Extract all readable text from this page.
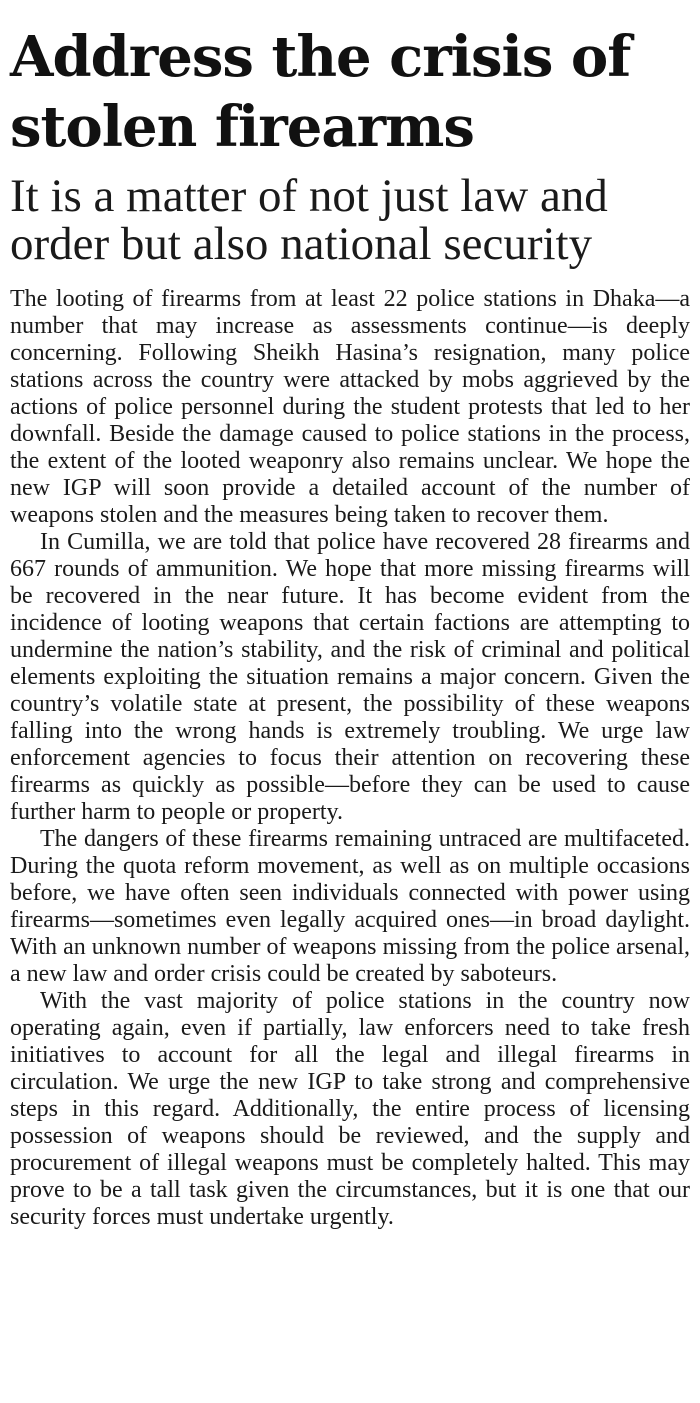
Address the crisis of stolen firearms
It is a matter of not just law and order but also national security

The looting of firearms from at least 22 police stations in Dhaka—a number that may increase as assessments continue—is deeply concerning. Following Sheikh Hasina’s resignation, many police stations across the country were attacked by mobs aggrieved by the actions of police personnel during the student protests that led to her downfall. Beside the damage caused to police stations in the process, the extent of the looted weaponry also remains unclear. We hope the new IGP will soon provide a detailed account of the number of weapons stolen and the measures being taken to recover them.

In Cumilla, we are told that police have recovered 28 firearms and 667 rounds of ammunition. We hope that more missing firearms will be recovered in the near future. It has become evident from the incidence of looting weapons that certain factions are attempting to undermine the nation’s stability, and the risk of criminal and political elements exploiting the situation remains a major concern. Given the country’s volatile state at present, the possibility of these weapons falling into the wrong hands is extremely troubling. We urge law enforcement agencies to focus their attention on recovering these firearms as quickly as possible—before they can be used to cause further harm to people or property.

The dangers of these firearms remaining untraced are multifaceted. During the quota reform movement, as well as on multiple occasions before, we have often seen individuals connected with power using firearms—sometimes even legally acquired ones—in broad daylight. With an unknown number of weapons missing from the police arsenal, a new law and order crisis could be created by saboteurs.

With the vast majority of police stations in the country now operating again, even if partially, law enforcers need to take fresh initiatives to account for all the legal and illegal firearms in circulation. We urge the new IGP to take strong and comprehensive steps in this regard. Additionally, the entire process of licensing possession of weapons should be reviewed, and the supply and procurement of illegal weapons must be completely halted. This may prove to be a tall task given the circumstances, but it is one that our security forces must undertake urgently.
